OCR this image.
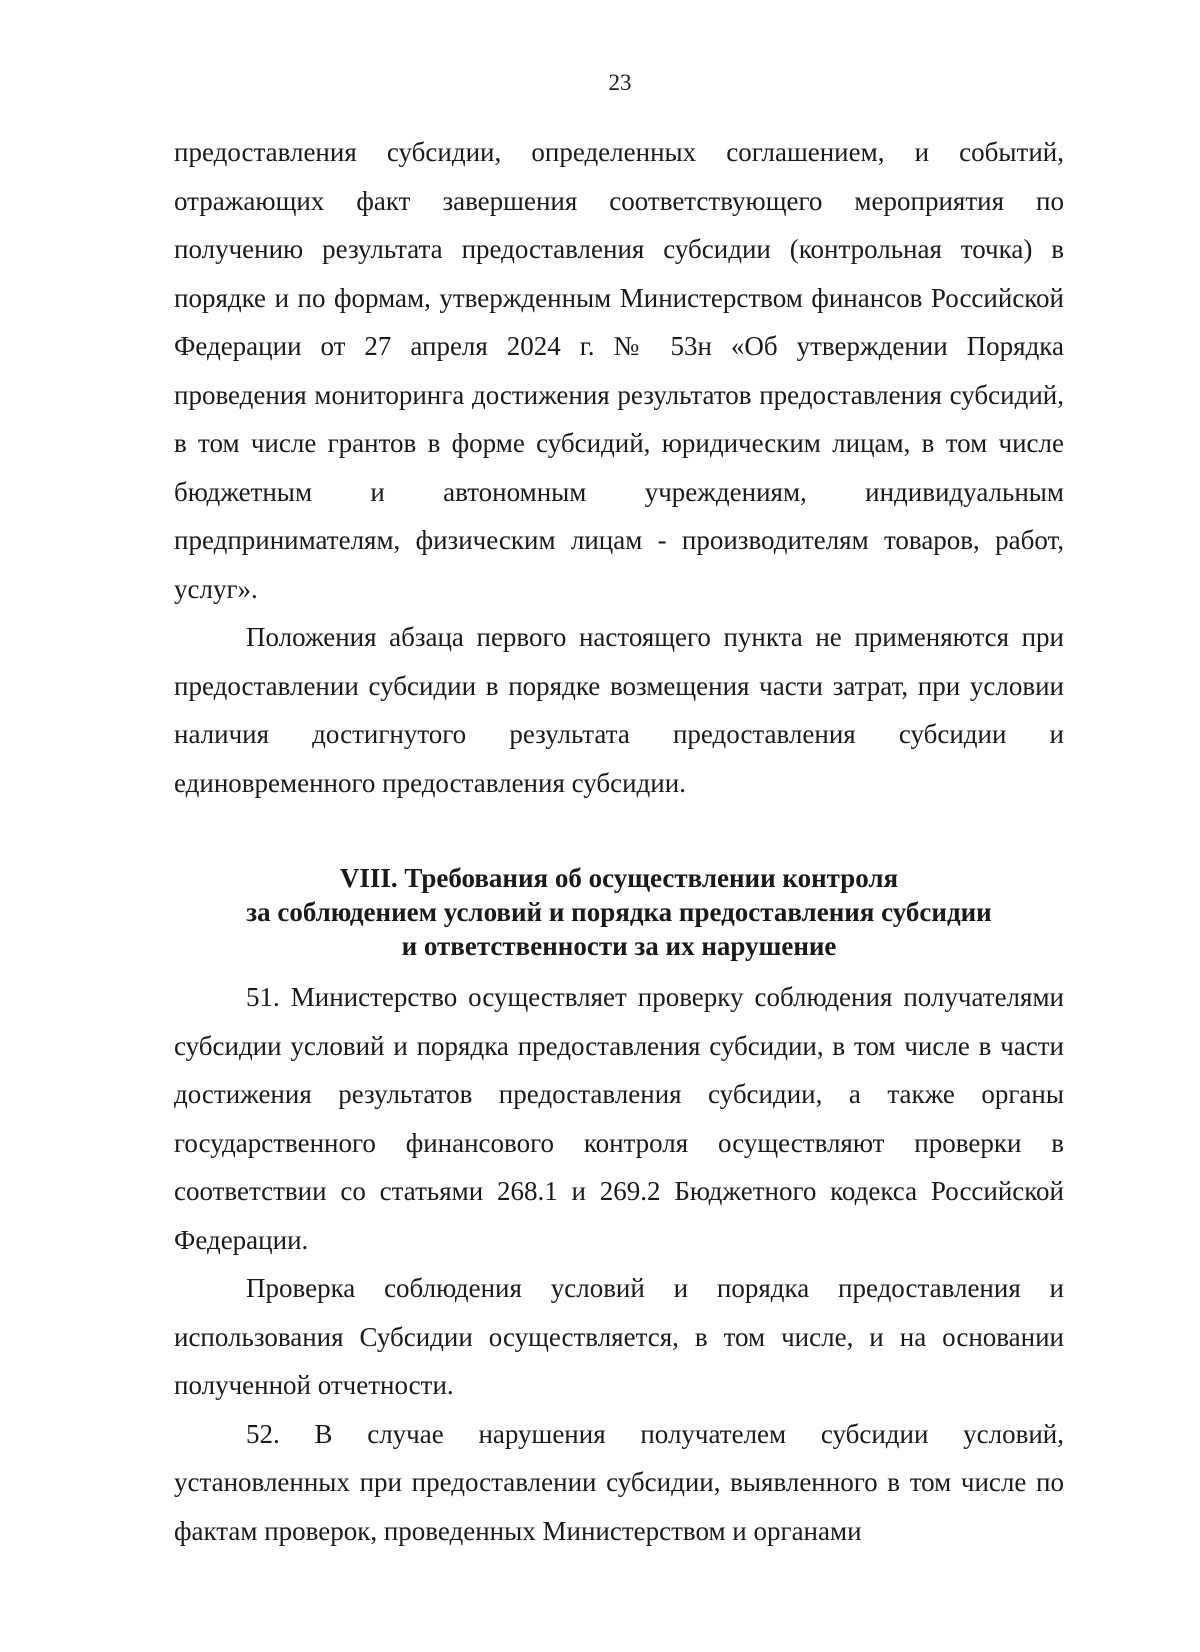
23

предоставления субсидии, определенных соглашением, и событий, отражающих факт завершения соответствующего мероприятия по получению результата предоставления субсидии (контрольная точка) в порядке и по формам, утвержденным Министерством финансов Российской Федерации от 27 апреля 2024 г. № 53н «Об утверждении Порядка проведения мониторинга достижения результатов предоставления субсидий, в том числе грантов в форме субсидий, юридическим лицам, в том числе бюджетным и автономным учреждениям, индивидуальным предпринимателям, физическим лицам - производителям товаров, работ, услуг».

Положения абзаца первого настоящего пункта не применяются при предоставлении субсидии в порядке возмещения части затрат, при условии наличия достигнутого результата предоставления субсидии и единовременного предоставления субсидии.

VIII. Требования об осуществлении контроля
за соблюдением условий и порядка предоставления субсидии
и ответственности за их нарушение

51. Министерство осуществляет проверку соблюдения получателями субсидии условий и порядка предоставления субсидии, в том числе в части достижения результатов предоставления субсидии, а также органы государственного финансового контроля осуществляют проверки в соответствии со статьями 268.1 и 269.2 Бюджетного кодекса Российской Федерации.

Проверка соблюдения условий и порядка предоставления и использования Субсидии осуществляется, в том числе, и на основании полученной отчетности.

52. В случае нарушения получателем субсидии условий, установленных при предоставлении субсидии, выявленного в том числе по фактам проверок, проведенных Министерством и органами
